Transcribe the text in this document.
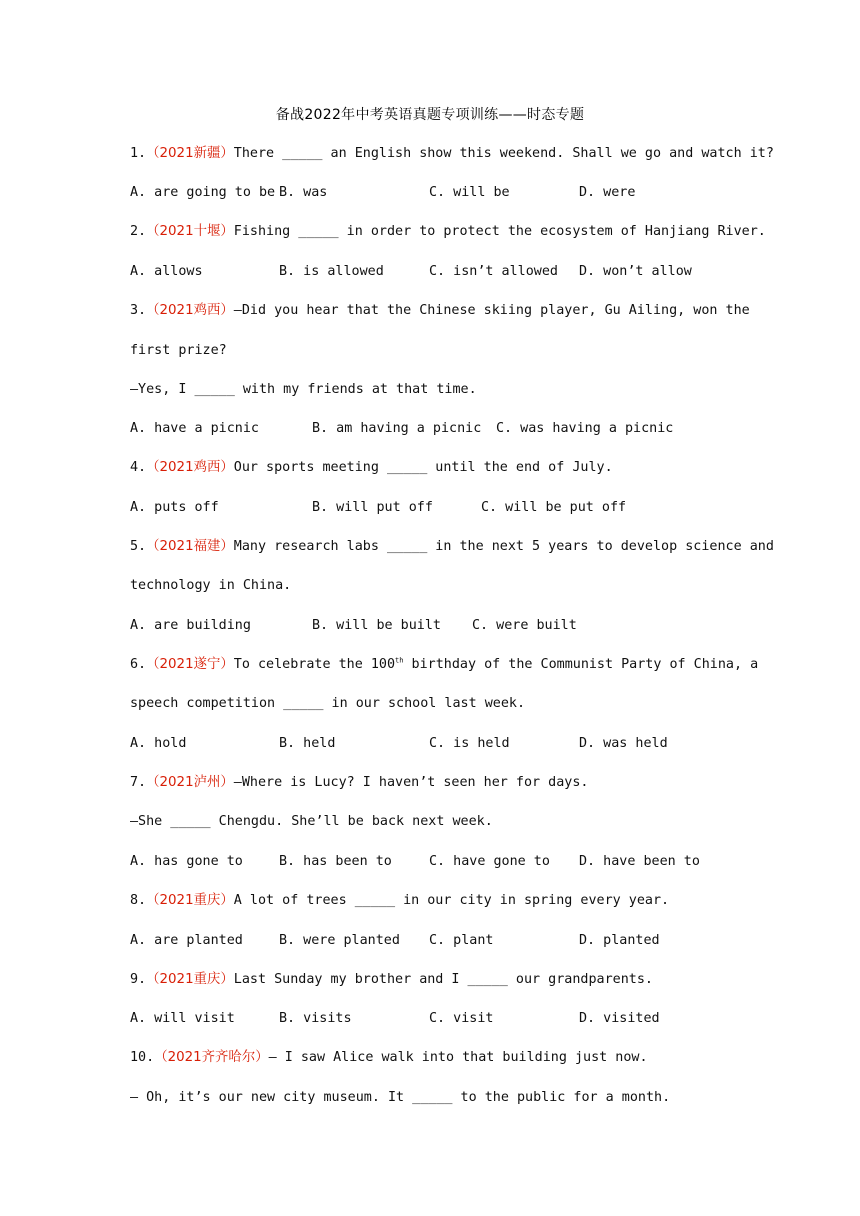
备战2022年中考英语真题专项训练——时态专题
1.（2021新疆）There _____ an English show this weekend. Shall we go and watch it?
A. are going to be B. was	C. will be	D. were
2.（2021十堰）Fishing _____ in order to protect the ecosystem of Hanjiang River.
A. allows	B. is allowed	C. isn’t allowed D. won’t allow
3.（2021鸡西）—Did you hear that the Chinese skiing player, Gu Ailing, won the
first prize?
—Yes, I _____ with my friends at that time.
A. have a picnic	B. am having a picnic C. was having a picnic
4.（2021鸡西）Our sports meeting _____ until the end of July.
A. puts off	B. will put off	C. will be put off
5.（2021福建）Many research labs _____ in the next 5 years to develop science and
technology in China.
A. are building	B. will be built C. were built
6.（2021遂宁）To celebrate the 100th birthday of the Communist Party of China, a
speech competition _____ in our school last week.
A. hold	B. held	C. is held	D. was held
7.（2021泸州）—Where is Lucy? I haven’t seen her for days.
—She _____ Chengdu. She’ll be back next week.
A. has gone to	B. has been to	C. have gone to D. have been to
8.（2021重庆）A lot of trees _____ in our city in spring every year.
A. are planted	B. were planted C. plant	D. planted
9.（2021重庆）Last Sunday my brother and I _____ our grandparents.
A. will visit	B. visits	C. visit	D. visited
10.（2021齐齐哈尔）— I saw Alice walk into that building just now.
— Oh, it’s our new city museum. It _____ to the public for a month.
